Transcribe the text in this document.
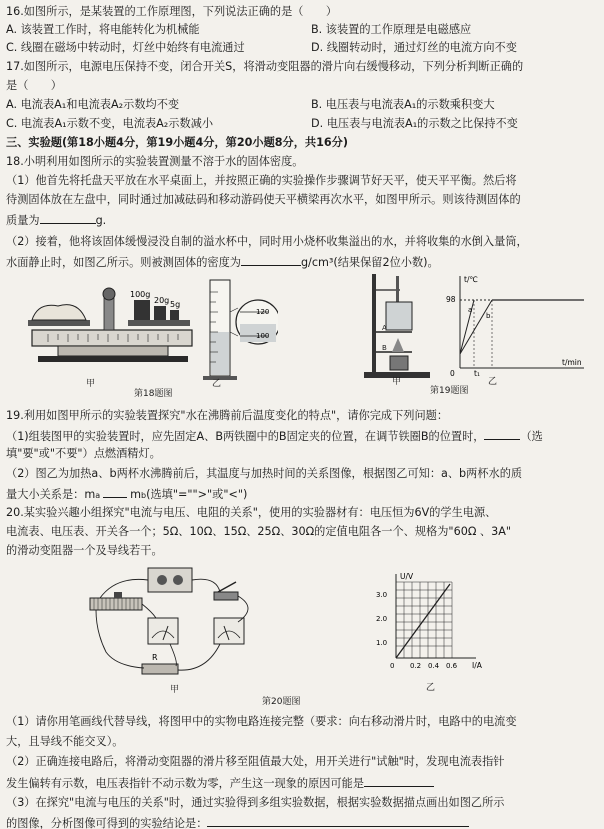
16.如图所示，是某装置的工作原理图，下列说法正确的是（　　）
A. 该装置工作时，将电能转化为机械能	B. 该装置的工作原理是电磁感应
C. 线圈在磁场中转动时，灯丝中始终有电流通过	D. 线圈转动时，通过灯丝的电流方向不变
17.如图所示，电源电压保持不变，闭合开关S，将滑动变阻器的滑片向右缓慢移动，下列分析判断正确的
是（　　）
A. 电流表A₁和电流表A₂示数均不变	B. 电压表与电流表A₁的示数乘积变大
C. 电流表A₁示数不变，电流表A₂示数减小	D. 电压表与电流表A₁的示数之比保持不变
三、实验题(第18小题4分，第19小题4分，第20小题8分，共16分)
18.小明利用如图所示的实验装置测量不溶于水的固体密度。
（1）他首先将托盘天平放在水平桌面上，并按照正确的实验操作步骤调节好天平，使天平平衡。然后将
待测固体放在左盘中，同时通过加减砝码和移动游码使天平横梁再次水平，如图甲所示。则该待测固体的
质量为	g.
（2）接着，他将该固体缓慢浸没自制的溢水杯中，同时用小烧杯收集溢出的水，并将收集的水倒入量筒，
水面静止时，如图乙所示。则被测固体的密度为	g/cm³(结果保留2位小数)。
100g
20g 5g
120
100
甲
第18题图
乙
A
B
甲
第19题图
t/℃
t/min
98
0	t₁
a
b
乙
19.利用如图甲所示的实验装置探究"水在沸腾前后温度变化的特点"，请你完成下列问题：
（1)组装图甲的实验装置时，应先固定A、B两铁圈中的B固定夹的位置，在调节铁圈B的位置时，	（选
填"要"或"不要"）点燃酒精灯。
（2）图乙为加热a、b两杯水沸腾前后，其温度与加热时间的关系图像，根据图乙可知：a、b两杯水的质
量大小关系是：ma	mb(选填"="">"或"<")
20.某实验兴趣小组探究"电流与电压、电阻的关系"，使用的实验器材有：电压恒为6V的学生电源、
电流表、电压表、开关各一个；5Ω、10Ω、15Ω、25Ω、30Ω的定值电阻各一个、规格为"60Ω 、3A"
的滑动变阻器一个及导线若干。
R
甲
U/V
I/A
3.0
2.0
1.0
0 0.2 0.4 0.6
乙
第20题图
（1）请你用笔画线代替导线，将图甲中的实物电路连接完整（要求：向右移动滑片时，电路中的电流变
大，且导线不能交叉）。
（2）正确连接电路后，将滑动变阻器的滑片移至阻值最大处，用开关进行"试触"时，发现电流表指针
发生偏转有示数，电压表指针不动示数为零，产生这一现象的原因可能是
（3）在探究"电流与电压的关系"时，通过实验得到多组实验数据，根据实验数据描点画出如图乙所示
的图像，分析图像可得到的实验结论是：
